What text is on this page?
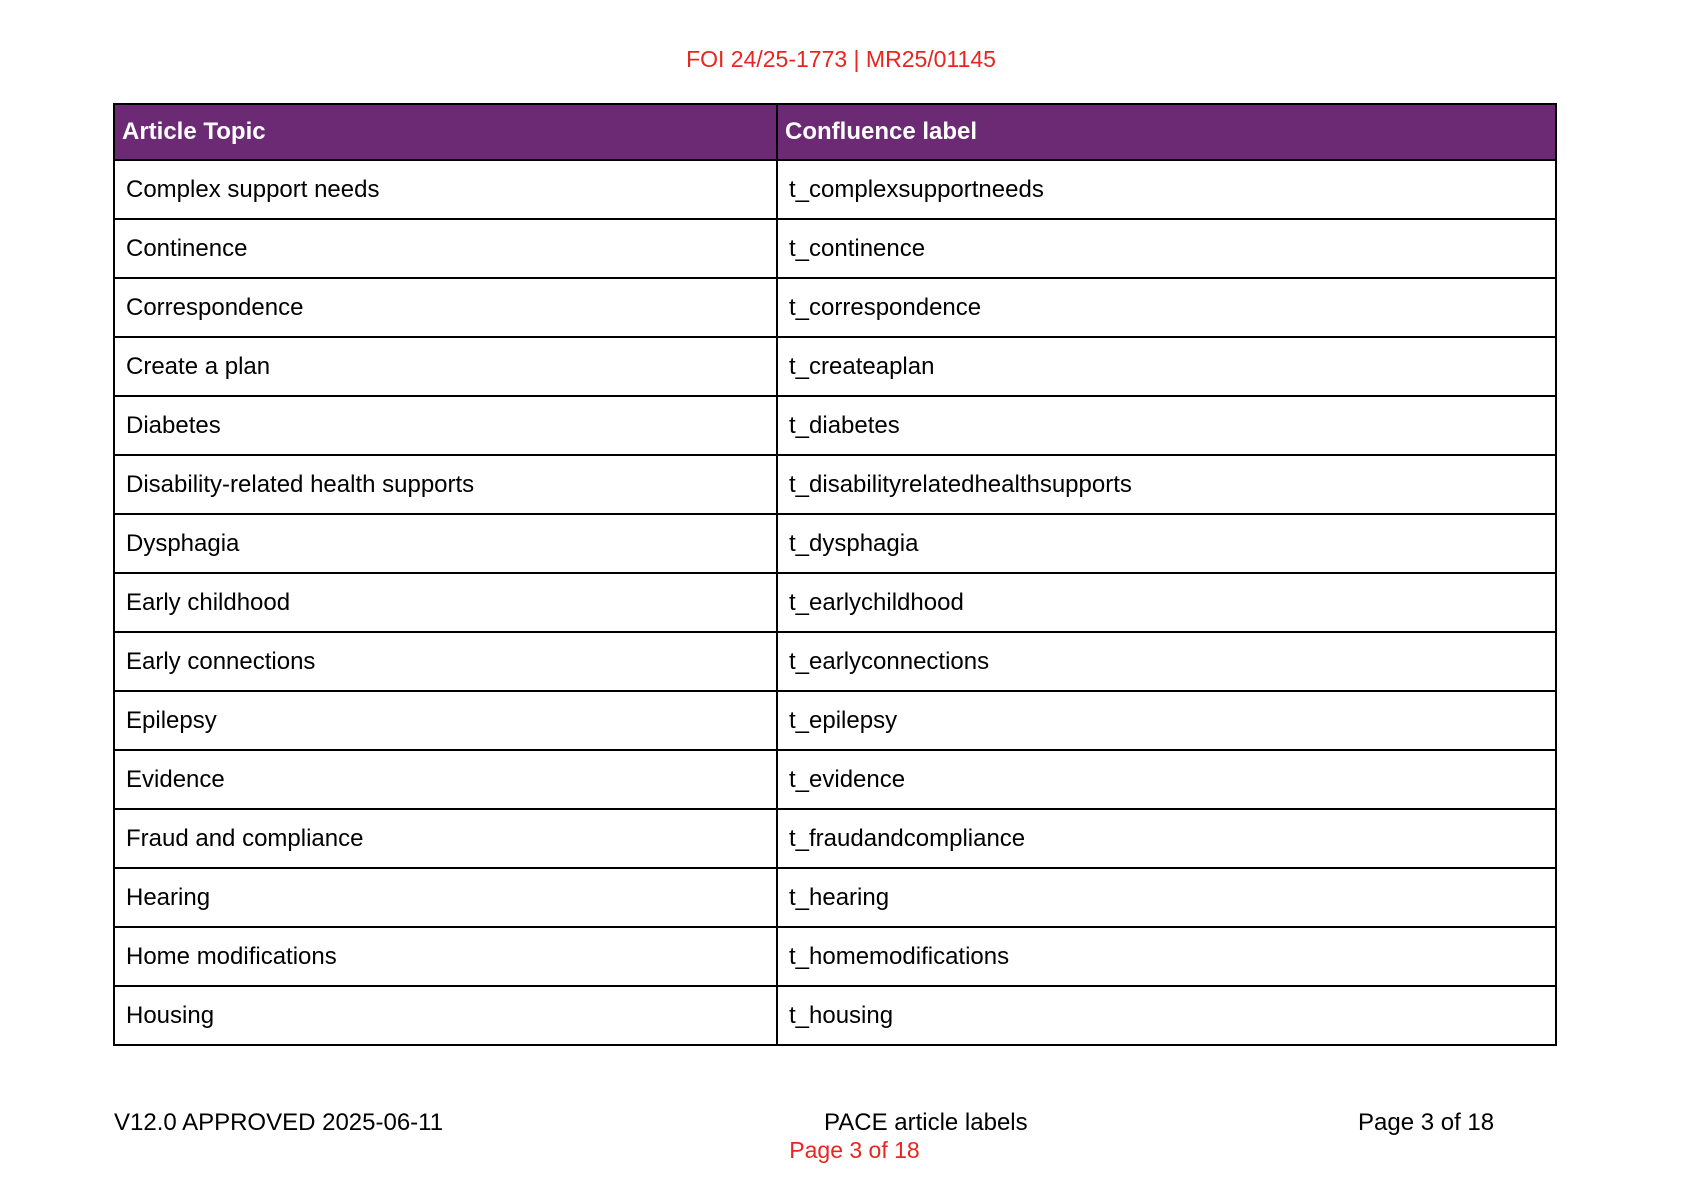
FOI 24/25-1773 | MR25/01145
Article Topic	Confluence label
Complex support needs	t_complexsupportneeds
Continence	t_continence
Correspondence	t_correspondence
Create a plan	t_createaplan
Diabetes	t_diabetes
Disability-related health supports	t_disabilityrelatedhealthsupports
Dysphagia	t_dysphagia
Early childhood	t_earlychildhood
Early connections	t_earlyconnections
Epilepsy	t_epilepsy
Evidence	t_evidence
Fraud and compliance	t_fraudandcompliance
Hearing	t_hearing
Home modifications	t_homemodifications
Housing	t_housing
V12.0 APPROVED 2025-06-11	PACE article labels	Page 3 of 18
Page 3 of 18
